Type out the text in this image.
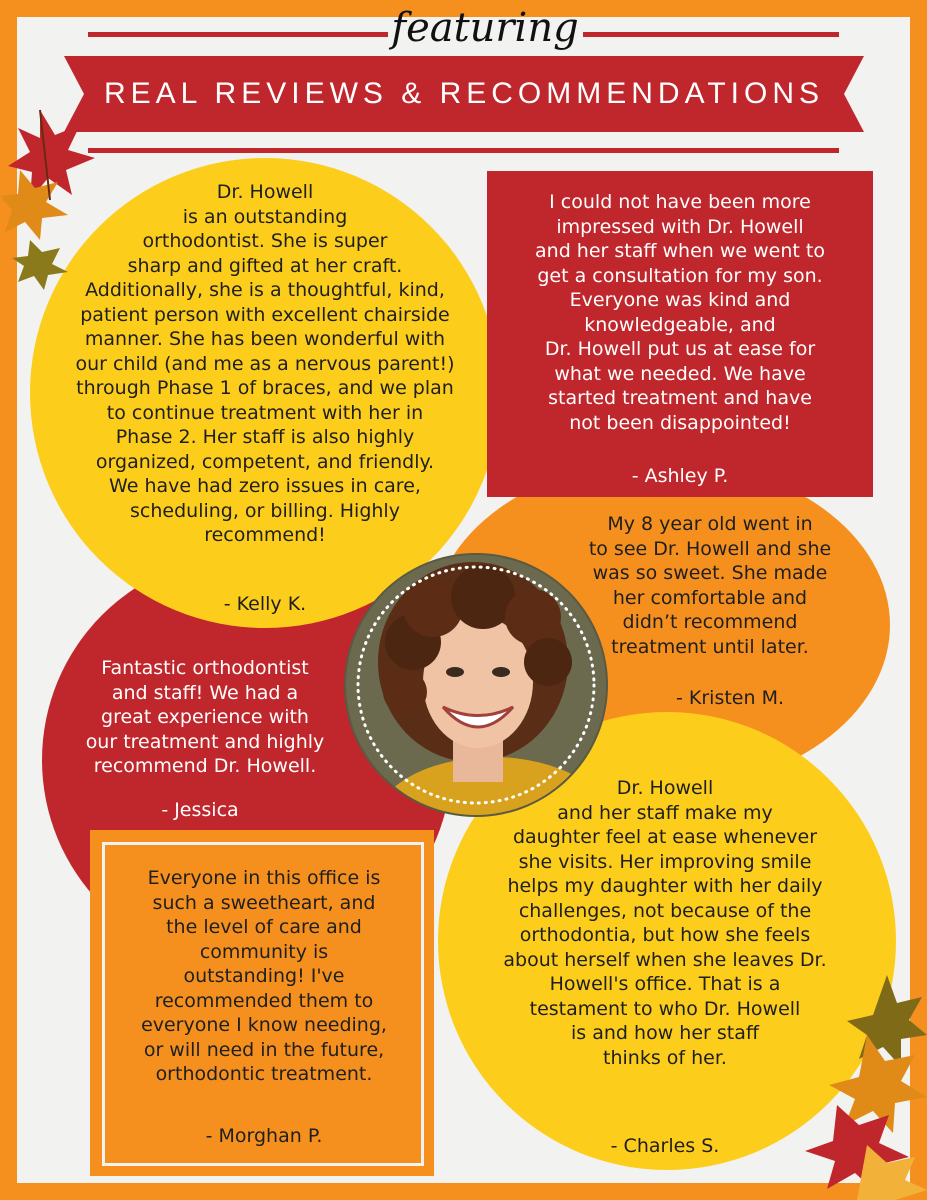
featuring
REAL REVIEWS & RECOMMENDATIONS
Dr. Howell
is an outstanding
orthodontist. She is super
sharp and gifted at her craft.
Additionally, she is a thoughtful, kind,
patient person with excellent chairside
manner. She has been wonderful with
our child (and me as a nervous parent!)
through Phase 1 of braces, and we plan
to continue treatment with her in
Phase 2. Her staff is also highly
organized, competent, and friendly.
We have had zero issues in care,
scheduling, or billing. Highly
recommend!
- Kelly K.
I could not have been more
impressed with Dr. Howell
and her staff when we went to
get a consultation for my son.
Everyone was kind and
knowledgeable, and
Dr. Howell put us at ease for
what we needed. We have
started treatment and have
not been disappointed!
- Ashley P.
My 8 year old went in
to see Dr. Howell and she
was so sweet. She made
her comfortable and
didn’t recommend
treatment until later.
- Kristen M.
Fantastic orthodontist
and staff! We had a
great experience with
our treatment and highly
recommend Dr. Howell.
- Jessica
Dr. Howell
and her staff make my
daughter feel at ease whenever
she visits. Her improving smile
helps my daughter with her daily
challenges, not because of the
orthodontia, but how she feels
about herself when she leaves Dr.
Howell's office. That is a
testament to who Dr. Howell
is and how her staff
thinks of her.
- Charles S.
Everyone in this office is
such a sweetheart, and
the level of care and
community is
outstanding! I've
recommended them to
everyone I know needing,
or will need in the future,
orthodontic treatment.
- Morghan P.
